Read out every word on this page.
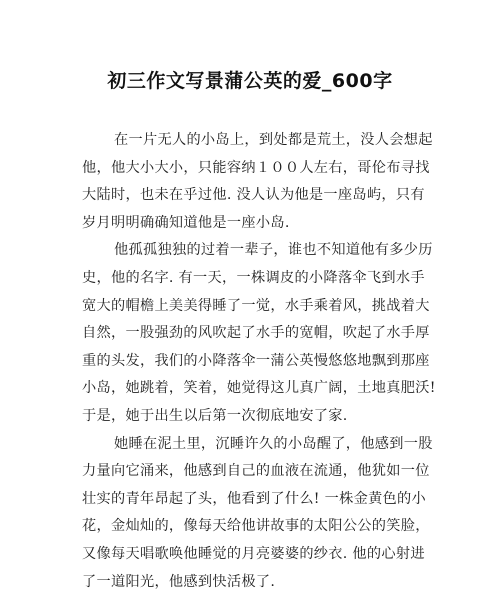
初三作文写景蒲公英的爱_600字
在一片无人的小岛上，到处都是荒土，没人会想起
他，他大小大小，只能容纳１００人左右，哥伦布寻找
大陆时，也未在乎过他. 没人认为他是一座岛屿，只有
岁月明明确确知道他是一座小岛.
他孤孤独独的过着一辈子，谁也不知道他有多少历
史，他的名字. 有一天，一株调皮的小降落伞飞到水手
宽大的帽檐上美美得睡了一觉，水手乘着风，挑战着大
自然，一股强劲的风吹起了水手的宽帽，吹起了水手厚
重的头发，我们的小降落伞一蒲公英慢悠悠地飘到那座
小岛，她跳着，笑着，她觉得这儿真广阔，土地真肥沃!
于是，她于出生以后第一次彻底地安了家.
她睡在泥土里，沉睡许久的小岛醒了，他感到一股
力量向它涌来，他感到自己的血液在流通，他犹如一位
壮实的青年昂起了头，他看到了什么! 一株金黄色的小
花，金灿灿的，像每天给他讲故事的太阳公公的笑脸，
又像每天唱歌唤他睡觉的月亮婆婆的纱衣. 他的心射进
了一道阳光，他感到快活极了.
